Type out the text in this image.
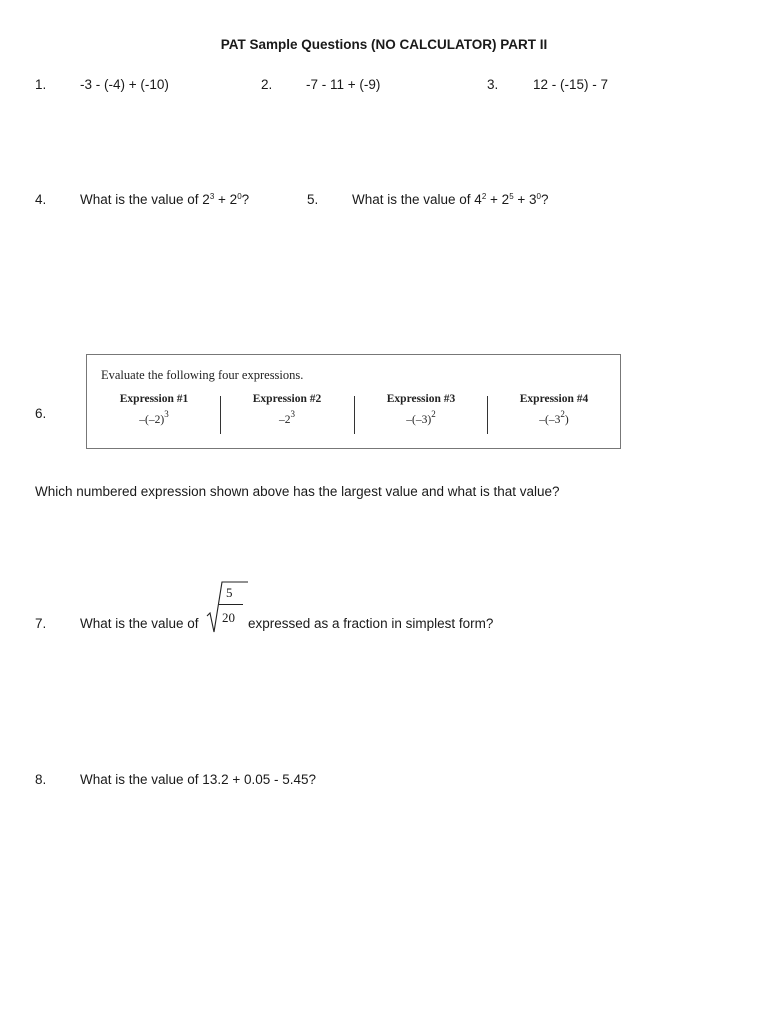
PAT Sample Questions (NO CALCULATOR) PART II
1. -3 - (-4) + (-10)	2. -7 - 11 + (-9)	3.	12 - (-15) - 7
4. What is the value of $2^3 + 2^0$?	5. What is the value of $4^2 + 2^5 + 3^0$?
6.
Evaluate the following four expressions.
Expression #1
$-(-2)^3$
Expression #2
$-2^3$
Expression #3
$-(-3)^2$
Expression #4
$-(-3^2)$
Which numbered expression shown above has the largest value and what is that value?
7. What is the value of
5
20 expressed as a fraction in simplest form?
8. What is the value of 13.2 + 0.05 - 5.45?
